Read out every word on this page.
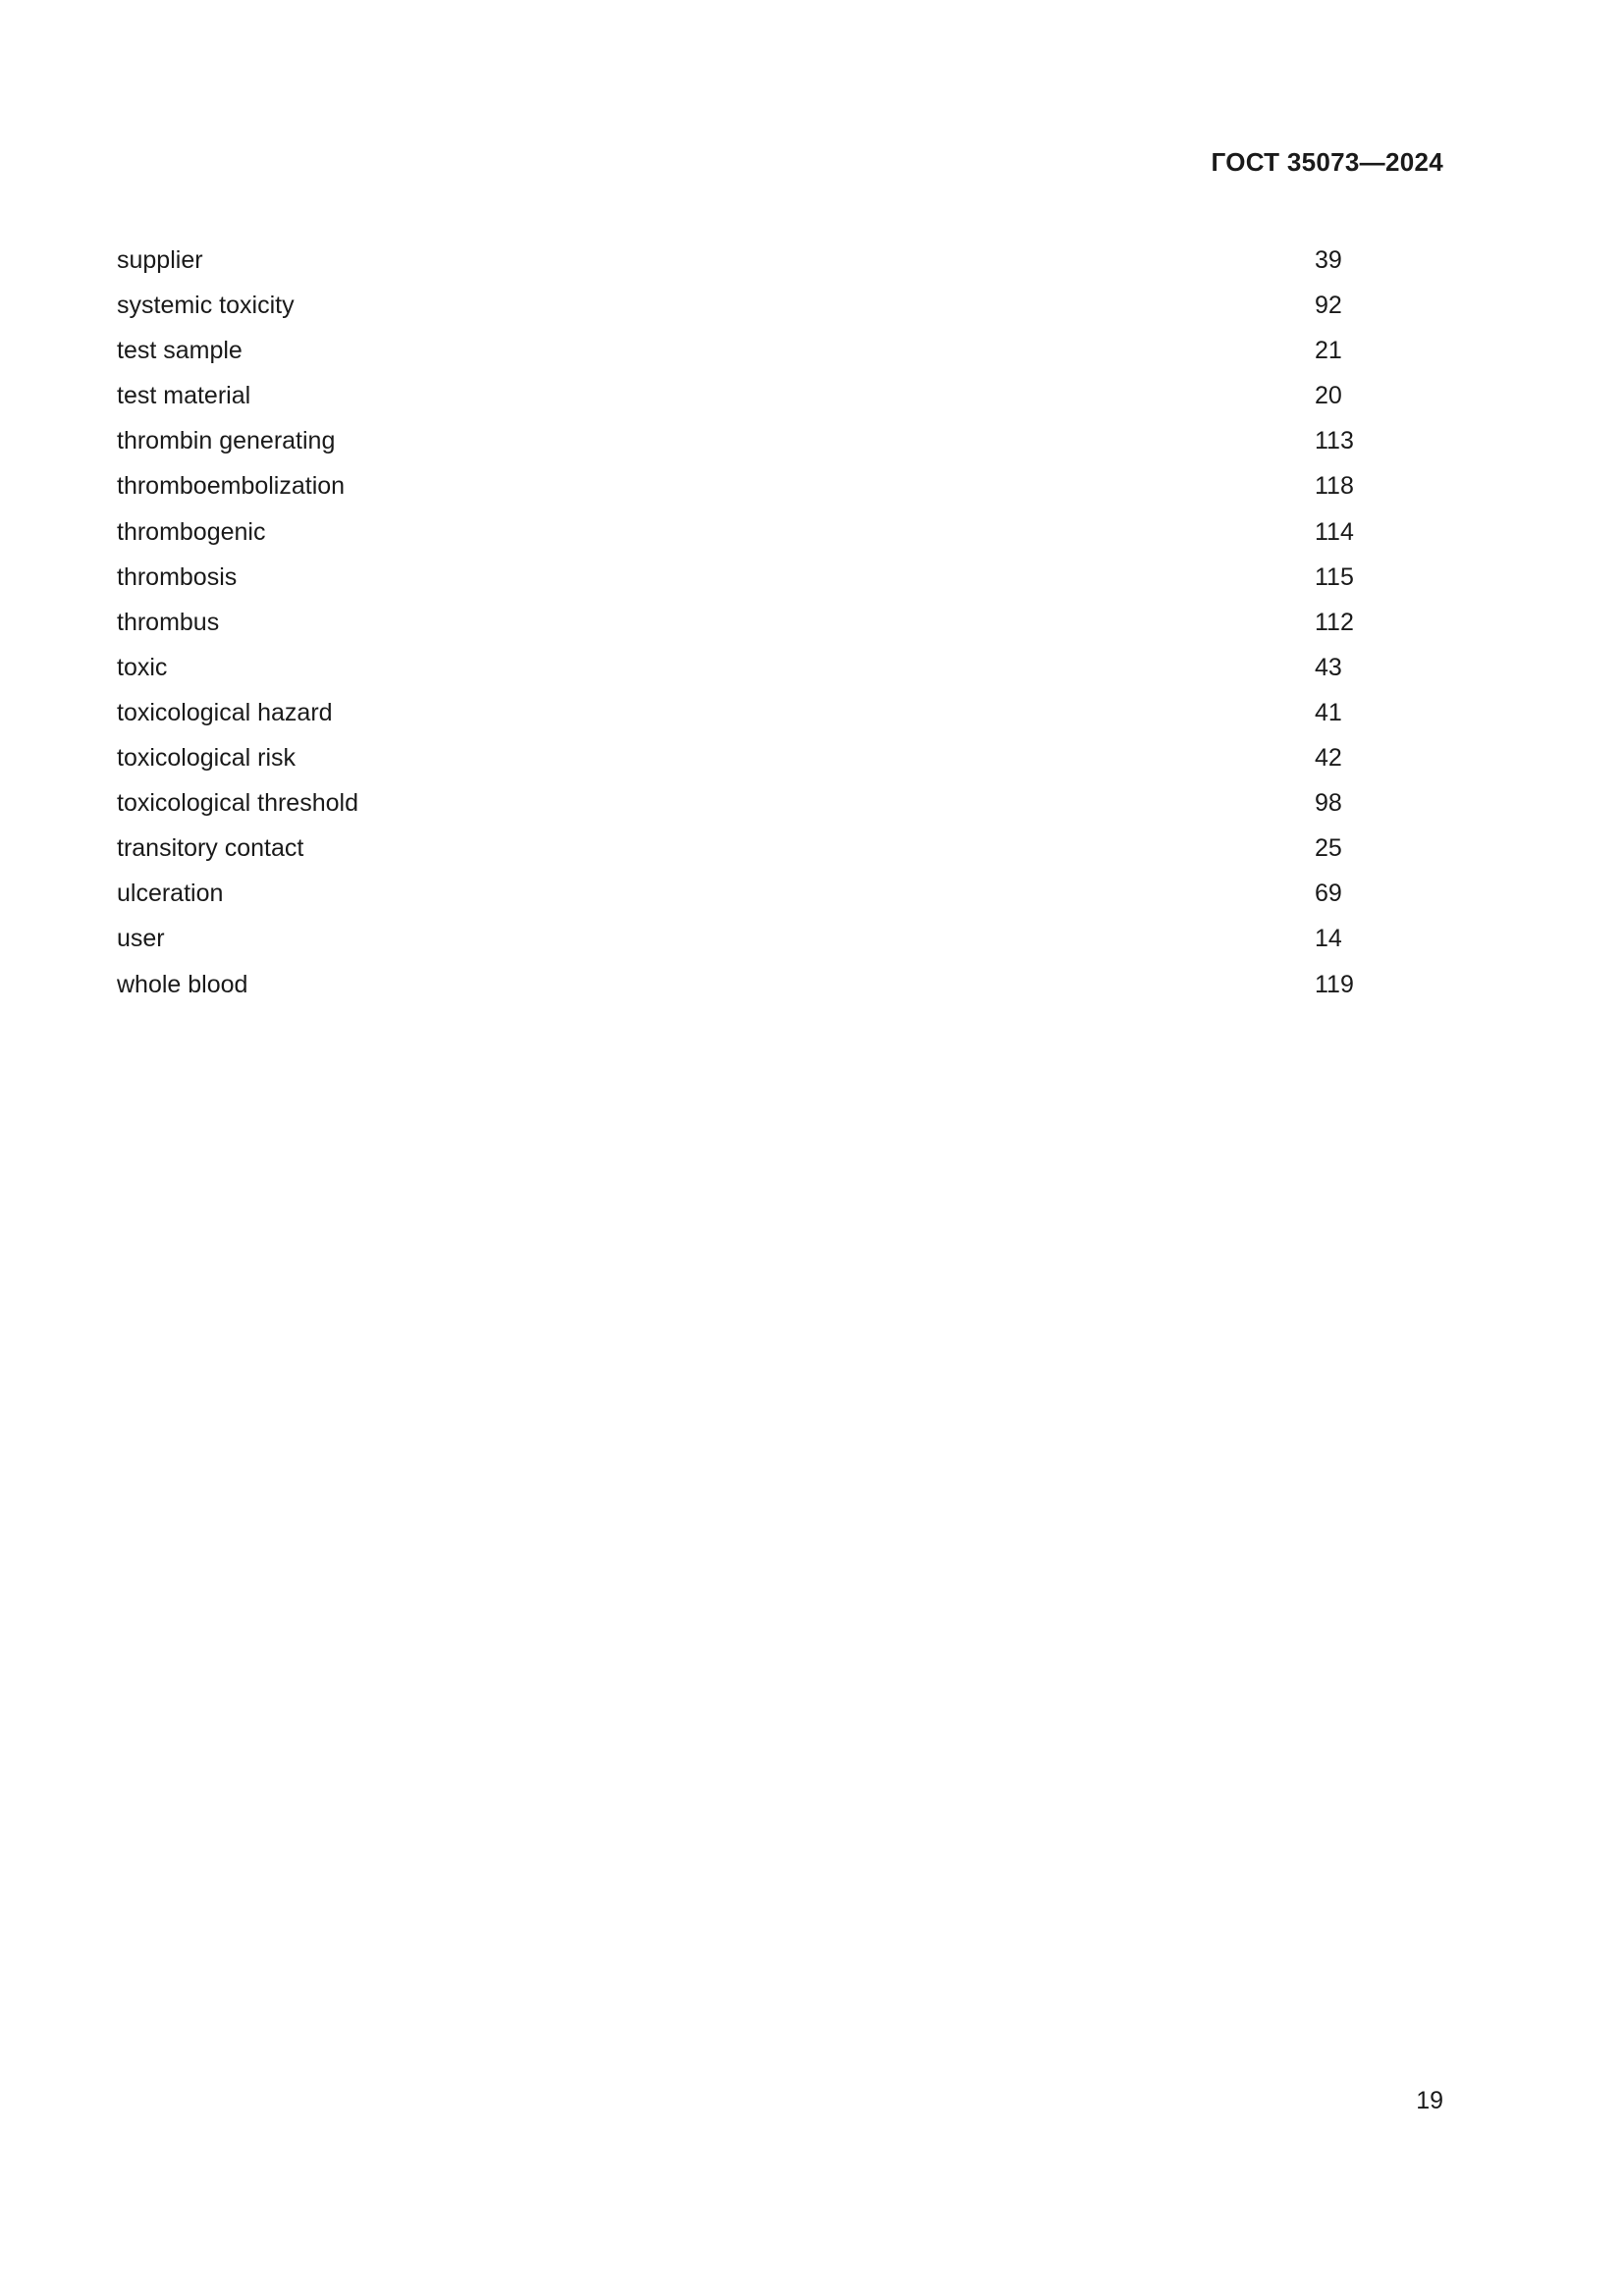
ГОСТ 35073—2024
supplier	39
systemic toxicity	92
test sample	21
test material	20
thrombin generating	113
thromboembolization	118
thrombogenic	114
thrombosis	115
thrombus	112
toxic	43
toxicological hazard	41
toxicological risk	42
toxicological threshold	98
transitory contact	25
ulceration	69
user	14
whole blood	119
19
